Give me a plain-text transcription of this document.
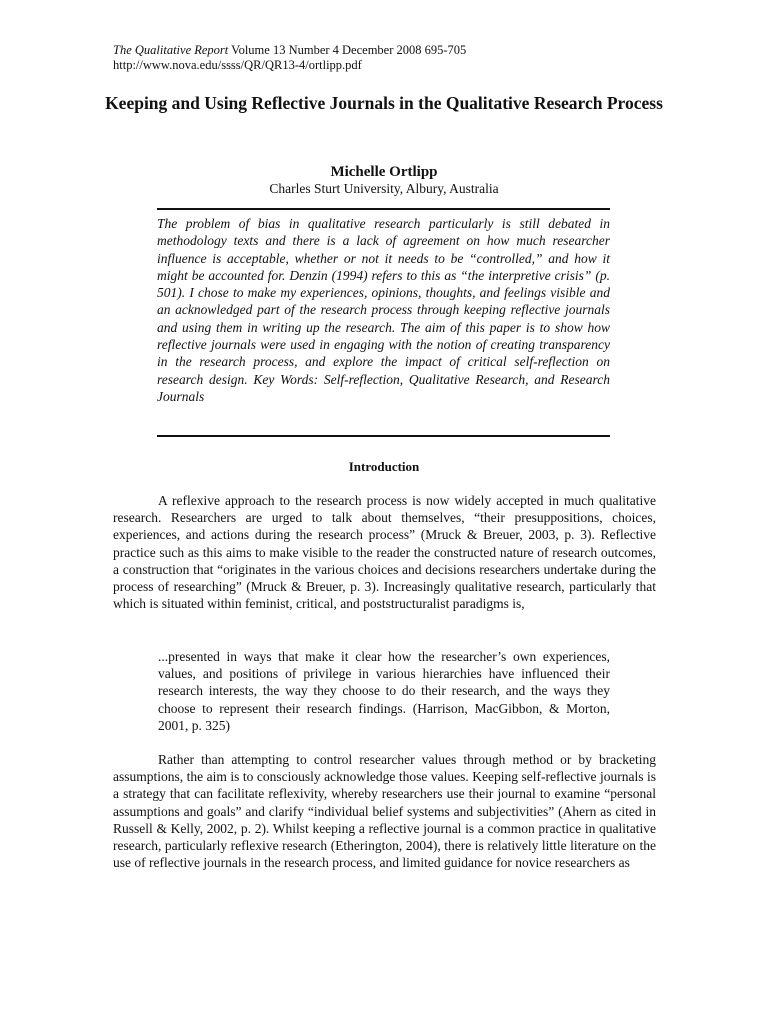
The Qualitative Report Volume 13 Number 4 December 2008 695-705
http://www.nova.edu/ssss/QR/QR13-4/ortlipp.pdf
Keeping and Using Reflective Journals in the Qualitative Research Process
Michelle Ortlipp
Charles Sturt University, Albury, Australia
The problem of bias in qualitative research particularly is still debated in methodology texts and there is a lack of agreement on how much researcher influence is acceptable, whether or not it needs to be “controlled,” and how it might be accounted for. Denzin (1994) refers to this as “the interpretive crisis” (p. 501). I chose to make my experiences, opinions, thoughts, and feelings visible and an acknowledged part of the research process through keeping reflective journals and using them in writing up the research. The aim of this paper is to show how reflective journals were used in engaging with the notion of creating transparency in the research process, and explore the impact of critical self-reflection on research design. Key Words: Self-reflection, Qualitative Research, and Research Journals
Introduction

A reflexive approach to the research process is now widely accepted in much qualitative research. Researchers are urged to talk about themselves, “their presuppositions, choices, experiences, and actions during the research process” (Mruck & Breuer, 2003, p. 3). Reflective practice such as this aims to make visible to the reader the constructed nature of research outcomes, a construction that “originates in the various choices and decisions researchers undertake during the process of researching” (Mruck & Breuer, p. 3). Increasingly qualitative research, particularly that which is situated within feminist, critical, and poststructuralist paradigms is,

...presented in ways that make it clear how the researcher’s own experiences, values, and positions of privilege in various hierarchies have influenced their research interests, the way they choose to do their research, and the ways they choose to represent their research findings. (Harrison, MacGibbon, & Morton, 2001, p. 325)

Rather than attempting to control researcher values through method or by bracketing assumptions, the aim is to consciously acknowledge those values. Keeping self-reflective journals is a strategy that can facilitate reflexivity, whereby researchers use their journal to examine “personal assumptions and goals” and clarify “individual belief systems and subjectivities” (Ahern as cited in Russell & Kelly, 2002, p. 2). Whilst keeping a reflective journal is a common practice in qualitative research, particularly reflexive research (Etherington, 2004), there is relatively little literature on the use of reflective journals in the research process, and limited guidance for novice researchers as
